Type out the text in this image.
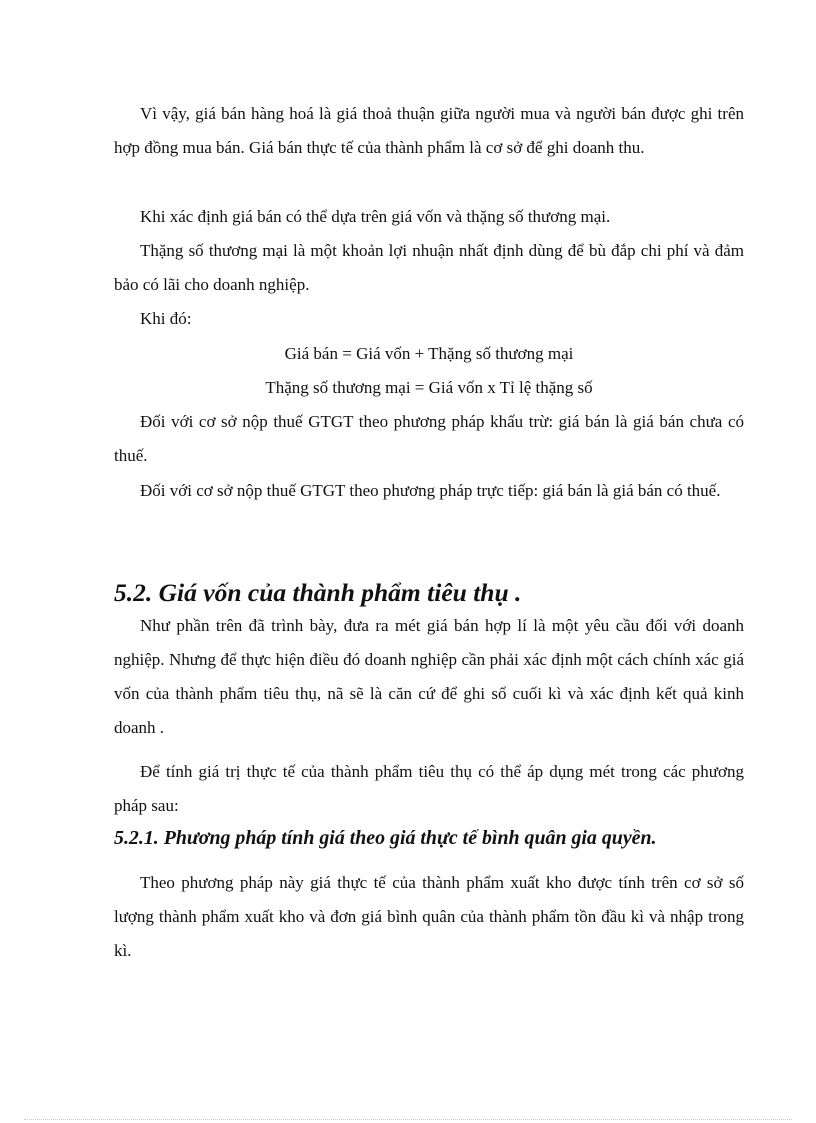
Vì vậy, giá bán hàng hoá là giá thoả thuận giữa người mua và người bán được ghi trên hợp đồng mua bán. Giá bán thực tế của thành phẩm là cơ sở để ghi doanh thu.

Khi xác định giá bán có thể dựa trên giá vốn và thặng số thương mại.

Thặng số thương mại là một khoản lợi nhuận nhất định dùng để bù đắp chi phí và đảm bảo có lãi cho doanh nghiệp.

Khi đó:

Giá bán = Giá vốn + Thặng số thương mại

Thặng số thương mại = Giá vốn x Tỉ lệ thặng số

Đối với cơ sở nộp thuế GTGT theo phương pháp khấu trừ: giá bán là giá bán chưa có thuế.

Đối với cơ sở nộp thuế GTGT theo phương pháp trực tiếp: giá bán là giá bán có thuế.

5.2. Giá vốn của thành phẩm tiêu thụ .

Như phần trên đã trình bày, đưa ra mét giá bán hợp lí là một yêu cầu đối với doanh nghiệp. Nhưng để thực hiện điều đó doanh nghiệp cần phải xác định một cách chính xác giá vốn của thành phẩm tiêu thụ, nã sẽ là căn cứ để ghi sổ cuối kì và xác định kết quả kinh doanh .

Để tính giá trị thực tế của thành phẩm tiêu thụ có thể áp dụng mét trong các phương pháp sau:

5.2.1. Phương pháp tính giá theo giá thực tế bình quân gia quyền.

Theo phương pháp này giá thực tế của thành phẩm xuất kho được tính trên cơ sở số lượng thành phẩm xuất kho và đơn giá bình quân của thành phẩm tồn đầu kì và nhập trong kì.
